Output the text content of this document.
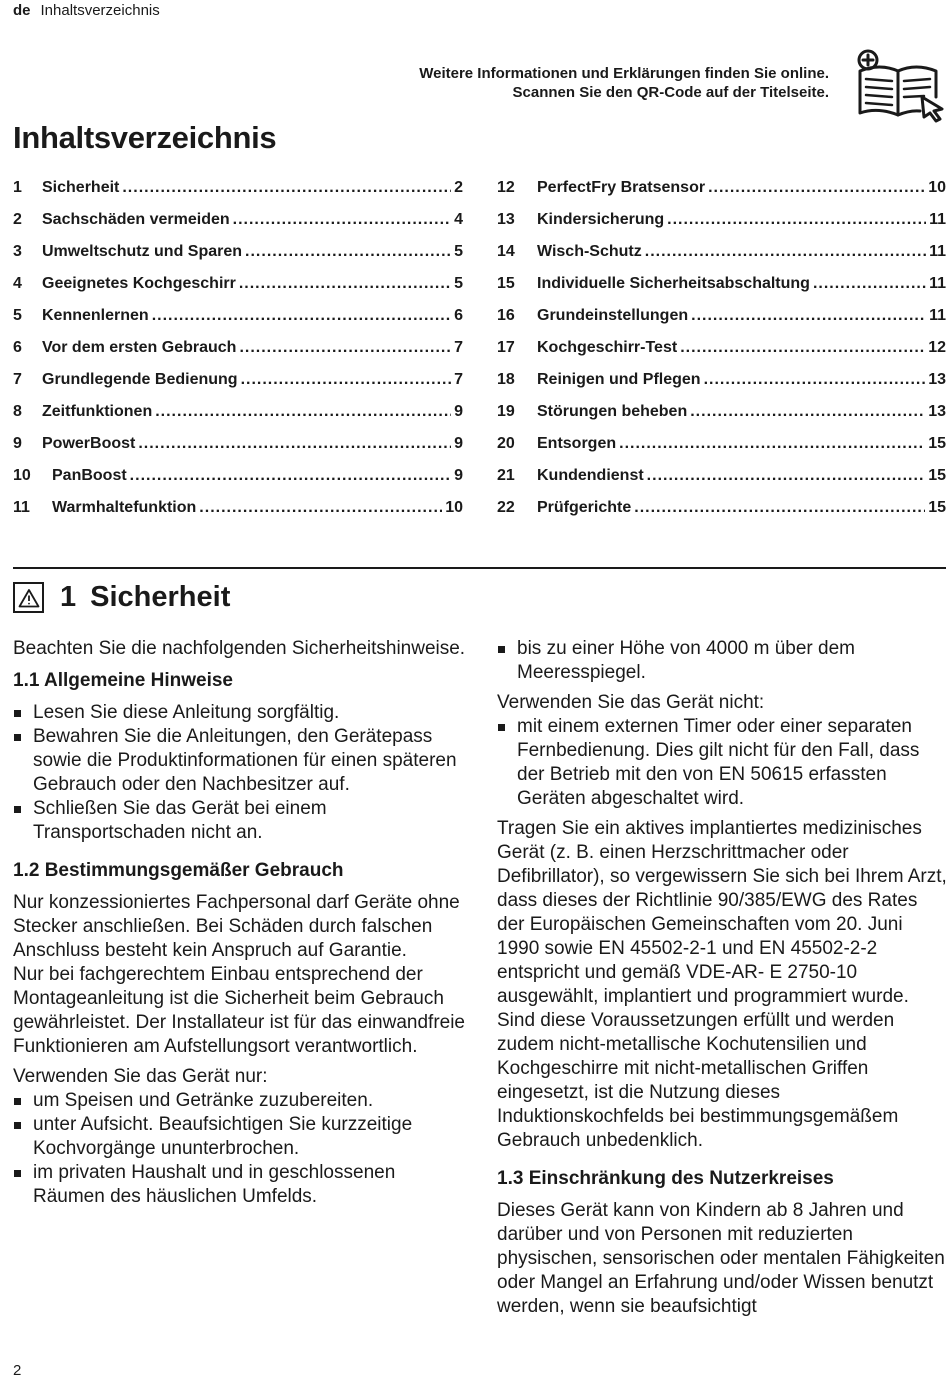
de Inhaltsverzeichnis
Weitere Informationen und Erklärungen finden Sie online.
Scannen Sie den QR-Code auf der Titelseite.
Inhaltsverzeichnis
1	Sicherheit .....	2
2	Sachschäden vermeiden .....	4
3	Umweltschutz und Sparen .....	5
4	Geeignetes Kochgeschirr .....	5
5	Kennenlernen .....	6
6	Vor dem ersten Gebrauch .....	7
7	Grundlegende Bedienung .....	7
8	Zeitfunktionen .....	9
9	PowerBoost .....	9
10	PanBoost .....	9
11	Warmhaltefunktion .....	10
12	PerfectFry Bratsensor .....	10
13	Kindersicherung .....	11
14	Wisch-Schutz .....	11
15	Individuelle Sicherheitsabschaltung .....	11
16	Grundeinstellungen .....	11
17	Kochgeschirr-Test .....	12
18	Reinigen und Pflegen .....	13
19	Störungen beheben .....	13
20	Entsorgen .....	15
21	Kundendienst .....	15
22	Prüfgerichte .....	15
1 Sicherheit

Beachten Sie die nachfolgenden Sicherheitshinweise.

1.1 Allgemeine Hinweise
Lesen Sie diese Anleitung sorgfältig.
Bewahren Sie die Anleitungen, den Gerätepass sowie die Produktinformationen für einen späteren Gebrauch oder den Nachbesitzer auf.
Schließen Sie das Gerät bei einem Transportschaden nicht an.
1.2 Bestimmungsgemäßer Gebrauch

Nur konzessioniertes Fachpersonal darf Geräte ohne Stecker anschließen. Bei Schäden durch falschen Anschluss besteht kein Anspruch auf Garantie.

Nur bei fachgerechtem Einbau entsprechend der Montageanleitung ist die Sicherheit beim Gebrauch gewährleistet. Der Installateur ist für das einwandfreie Funktionieren am Aufstellungsort verantwortlich.

Verwenden Sie das Gerät nur:

um Speisen und Getränke zuzubereiten.
unter Aufsicht. Beaufsichtigen Sie kurzzeitige Kochvorgänge ununterbrochen.
im privaten Haushalt und in geschlossenen Räumen des häuslichen Umfelds.
bis zu einer Höhe von 4000 m über dem Meeresspiegel.

Verwenden Sie das Gerät nicht:

mit einem externen Timer oder einer separaten Fernbedienung. Dies gilt nicht für den Fall, dass der Betrieb mit den von EN 50615 erfassten Geräten abgeschaltet wird.

Tragen Sie ein aktives implantiertes medizinisches Gerät (z. B. einen Herzschrittmacher oder Defibrillator), so vergewissern Sie sich bei Ihrem Arzt, dass dieses der Richtlinie 90/385/EWG des Rates der Europäischen Gemeinschaften vom 20. Juni 1990 sowie EN 45502-2-1 und EN 45502-2-2 entspricht und gemäß VDE-AR- E 2750-10 ausgewählt, implantiert und programmiert wurde. Sind diese Voraussetzungen erfüllt und werden zudem nicht-metallische Kochutensilien und Kochgeschirre mit nicht-metallischen Griffen eingesetzt, ist die Nutzung dieses Induktionskochfelds bei bestimmungsgemäßem Gebrauch unbedenklich.

1.3 Einschränkung des Nutzerkreises

Dieses Gerät kann von Kindern ab 8 Jahren und darüber und von Personen mit reduzierten physischen, sensorischen oder mentalen Fähigkeiten oder Mangel an Erfahrung und/oder Wissen benutzt werden, wenn sie beaufsichtigt

2
